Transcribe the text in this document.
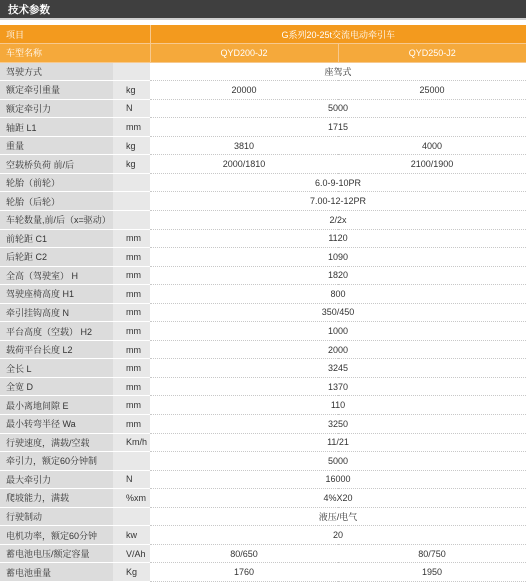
技术参数
项目		G系列20-25t交流电动牵引车	
车型名称		QYD200-J2	QYD250-J2
驾驶方式		座驾式	
额定牵引重量	kg	20000	25000
额定牵引力	N	5000	
轴距 L1	mm	1715	
重量	kg	3810	4000
空载桥负荷 前/后	kg	2000/1810	2100/1900
轮胎（前轮）		6.0-9-10PR	
轮胎（后轮）		7.00-12-12PR	
车轮数量,前/后（x=驱动）		2/2x	
前轮距 C1	mm	1120	
后轮距 C2	mm	1090	
全高（驾驶室） H	mm	1820	
驾驶座椅高度 H1	mm	800	
牵引挂钩高度 N	mm	350/450	
平台高度（空载） H2	mm	1000	
载荷平台长度 L2	mm	2000	
全长 L	mm	3245	
全宽 D	mm	1370	
最小离地间隙 E	mm	110	
最小转弯半径 Wa	mm	3250	
行驶速度，满载/空载	Km/h	11/21	
牵引力，额定60分钟制		5000	
最大牵引力	N	16000	
爬坡能力，满载	%xm	4%X20	
行驶制动		液压/电气	
电机功率，额定60分钟	kw	20	
蓄电池电压/额定容量	V/Ah	80/650	80/750
蓄电池重量	Kg	1760	1950
